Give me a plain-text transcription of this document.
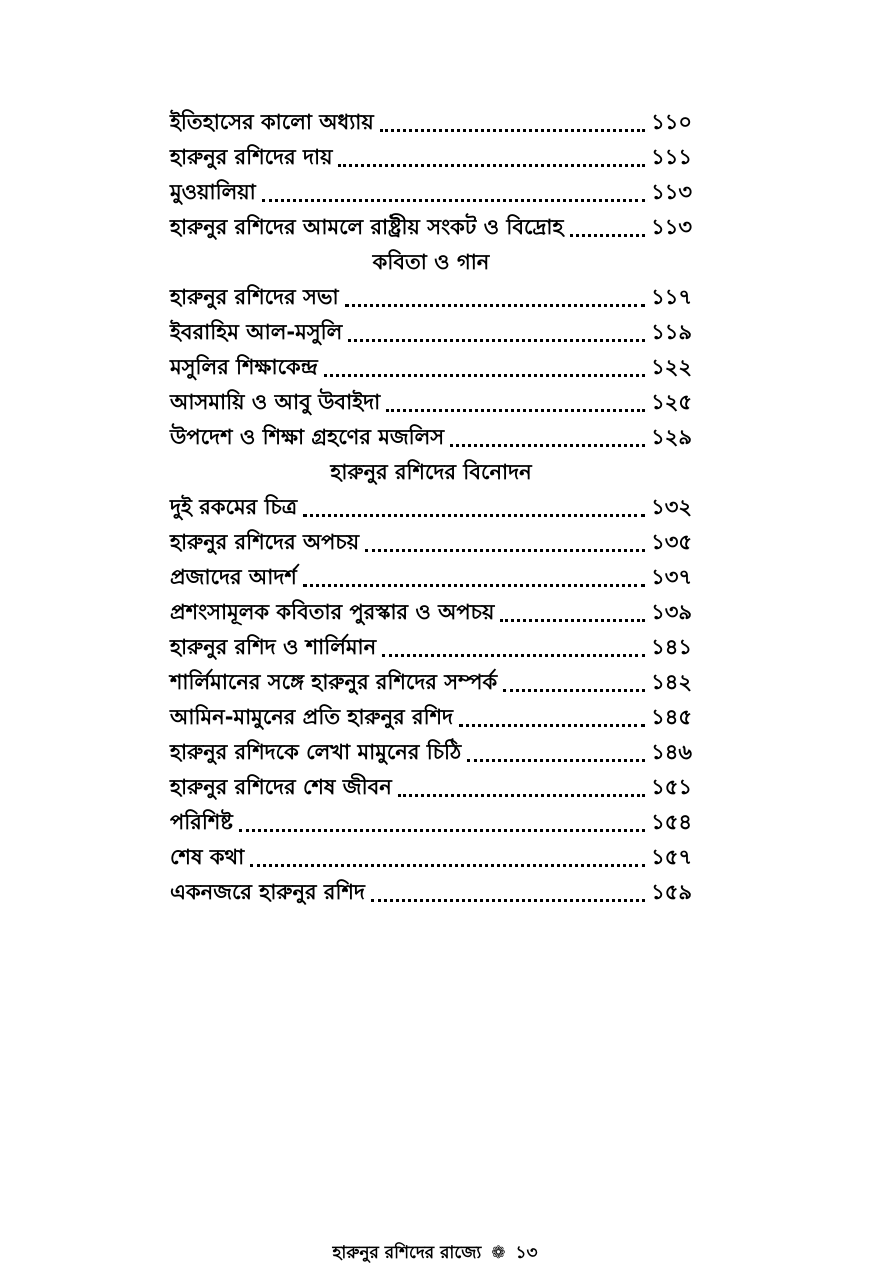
ইতিহাসের কালো অধ্যায়	১১০
হারুনুর রশিদের দায়	১১১
মুওয়ালিয়া	১১৩
হারুনুর রশিদের আমলে রাষ্ট্রীয় সংকট ও বিদ্রোহ	১১৩
কবিতা ও গান
হারুনুর রশিদের সভা	১১৭
ইবরাহিম আল-মসুলি	১১৯
মসুলির শিক্ষাকেন্দ্র	১২২
আসমায়ি ও আবু উবাইদা	১২৫
উপদেশ ও শিক্ষা গ্রহণের মজলিস	১২৯
হারুনুর রশিদের বিনোদন
দুই রকমের চিত্র	১৩২
হারুনুর রশিদের অপচয়	১৩৫
প্রজাদের আদর্শ	১৩৭
প্রশংসামূলক কবিতার পুরস্কার ও অপচয়	১৩৯
হারুনুর রশিদ ও শার্লিমান	১৪১
শার্লিমানের সঙ্গে হারুনুর রশিদের সম্পর্ক	১৪২
আমিন-মামুনের প্রতি হারুনুর রশিদ	১৪৫
হারুনুর রশিদকে লেখা মামুনের চিঠি	১৪৬
হারুনুর রশিদের শেষ জীবন	১৫১
পরিশিষ্ট	১৫৪
শেষ কথা	১৫৭
একনজরে হারুনুর রশিদ	১৫৯
হারুনুর রশিদের রাজ্যে ❁ ১৩
